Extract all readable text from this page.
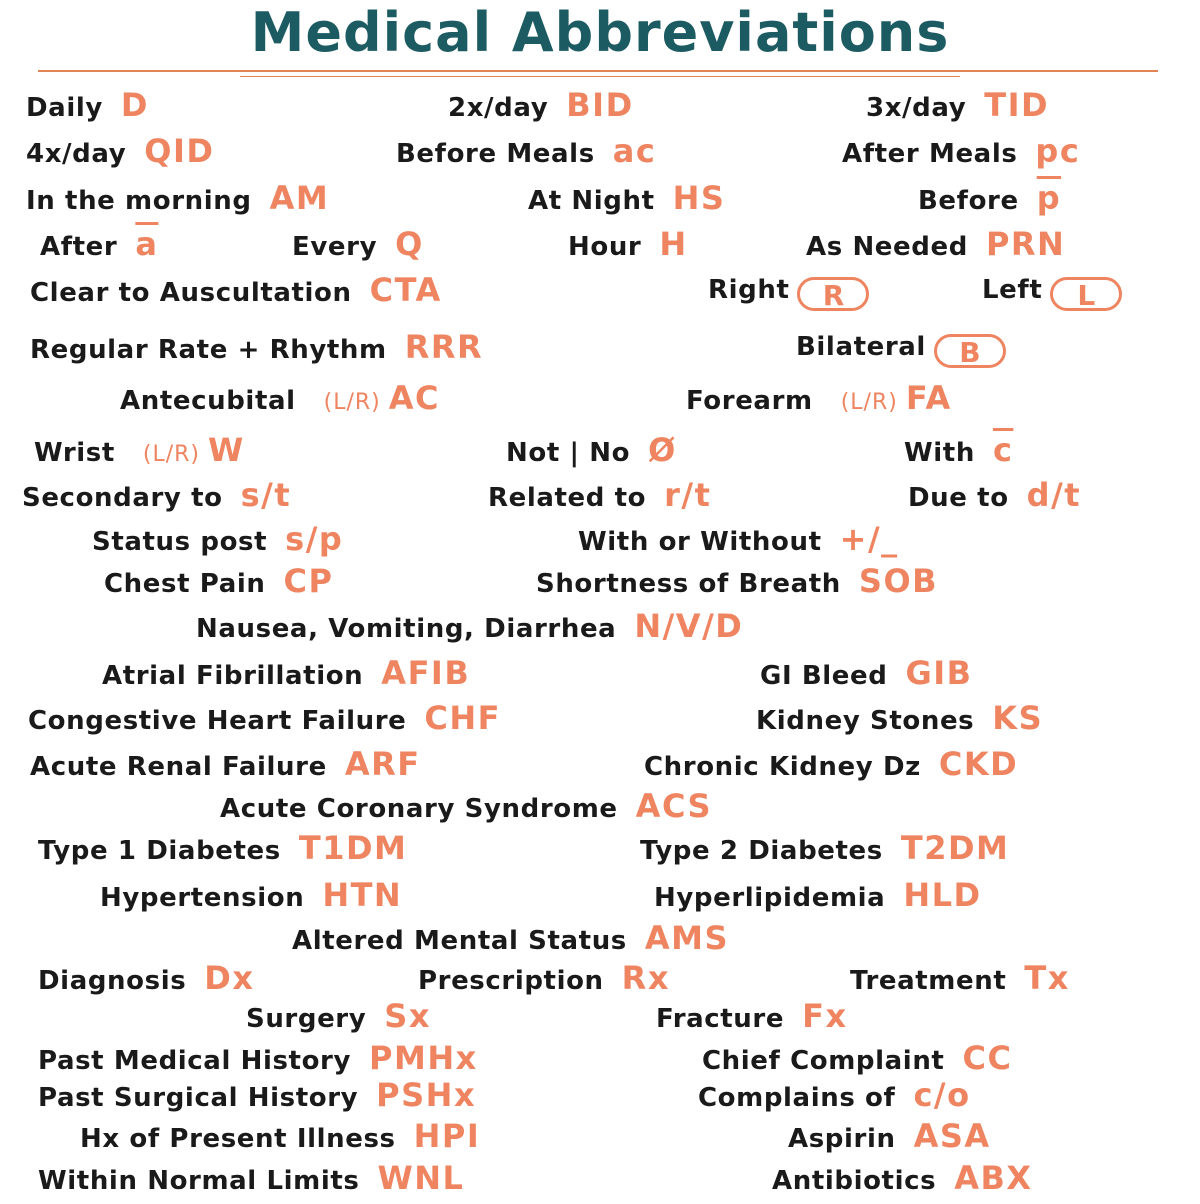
Medical Abbreviations
Daily D	2x/day BID	3x/day TID
4x/day QID	Before Meals ac	After Meals pc
In the morning AM	At Night HS	Before $\overline{p}$
After $\overline{a}$	Every Q	Hour H	As Needed PRN
Clear to Auscultation CTA	Right R	Left L
Regular Rate + Rhythm RRR	Bilateral B
Antecubital (L/R) AC	Forearm (L/R) FA
Wrist (L/R) W	Not | No Ø	With $\overline{c}$
Secondary to s/t	Related to r/t	Due to d/t
Status post s/p	With or Without +/_
Chest Pain CP	Shortness of Breath SOB
Nausea, Vomiting, Diarrhea N/V/D
Atrial Fibrillation AFIB	GI Bleed GIB
Congestive Heart Failure CHF	Kidney Stones KS
Acute Renal Failure ARF	Chronic Kidney Dz CKD
Acute Coronary Syndrome ACS
Type 1 Diabetes T1DM	Type 2 Diabetes T2DM
Hypertension HTN	Hyperlipidemia HLD
Altered Mental Status AMS
Diagnosis Dx	Prescription Rx	Treatment Tx
Surgery Sx	Fracture Fx
Past Medical History PMHx	Chief Complaint CC
Past Surgical History PSHx	Complains of c/o
Hx of Present Illness HPI	Aspirin ASA
Within Normal Limits WNL	Antibiotics ABX
